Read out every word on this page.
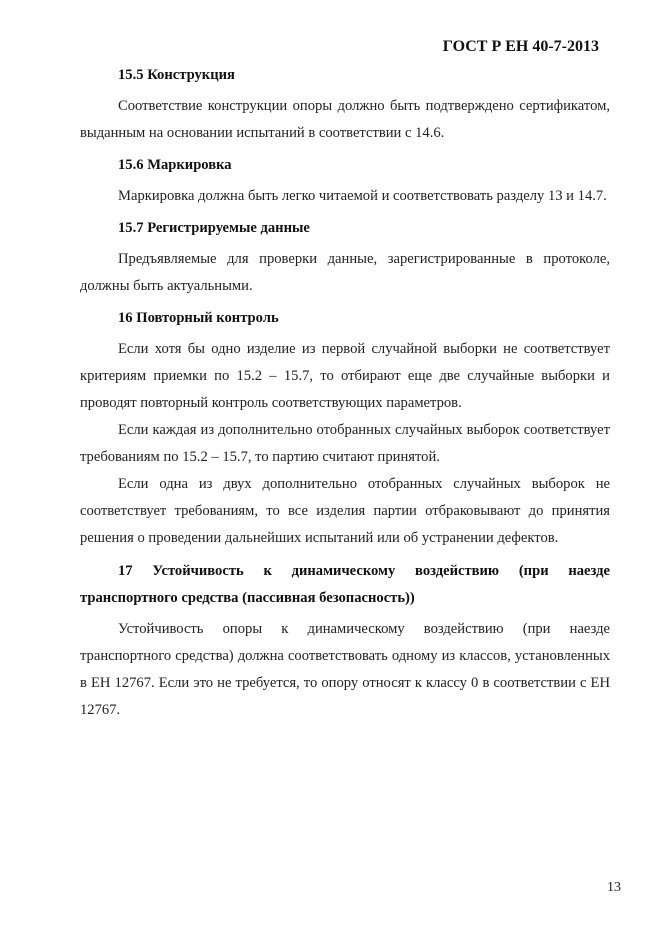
ГОСТ Р ЕН 40-7-2013

15.5 Конструкция

Соответствие конструкции опоры должно быть подтверждено сертификатом, выданным на основании испытаний в соответствии с 14.6.

15.6 Маркировка

Маркировка должна быть легко читаемой и соответствовать разделу 13 и 14.7.

15.7 Регистрируемые данные

Предъявляемые для проверки данные, зарегистрированные в протоколе, должны быть актуальными.

16 Повторный контроль

Если хотя бы одно изделие из первой случайной выборки не соответствует критериям приемки по 15.2 – 15.7, то отбирают еще две случайные выборки и проводят повторный контроль соответствующих параметров.

Если каждая из дополнительно отобранных случайных выборок соответствует требованиям по 15.2 – 15.7, то партию считают принятой.

Если одна из двух дополнительно отобранных случайных выборок не соответствует требованиям, то все изделия партии отбраковывают до принятия решения о проведении дальнейших испытаний или об устранении дефектов.

17 Устойчивость к динамическому воздействию (при наезде транспортного средства (пассивная безопасность))

Устойчивость опоры к динамическому воздействию (при наезде транспортного средства) должна соответствовать одному из классов, установленных в ЕН 12767. Если это не требуется, то опору относят к классу 0 в соответствии с ЕН 12767.

13
